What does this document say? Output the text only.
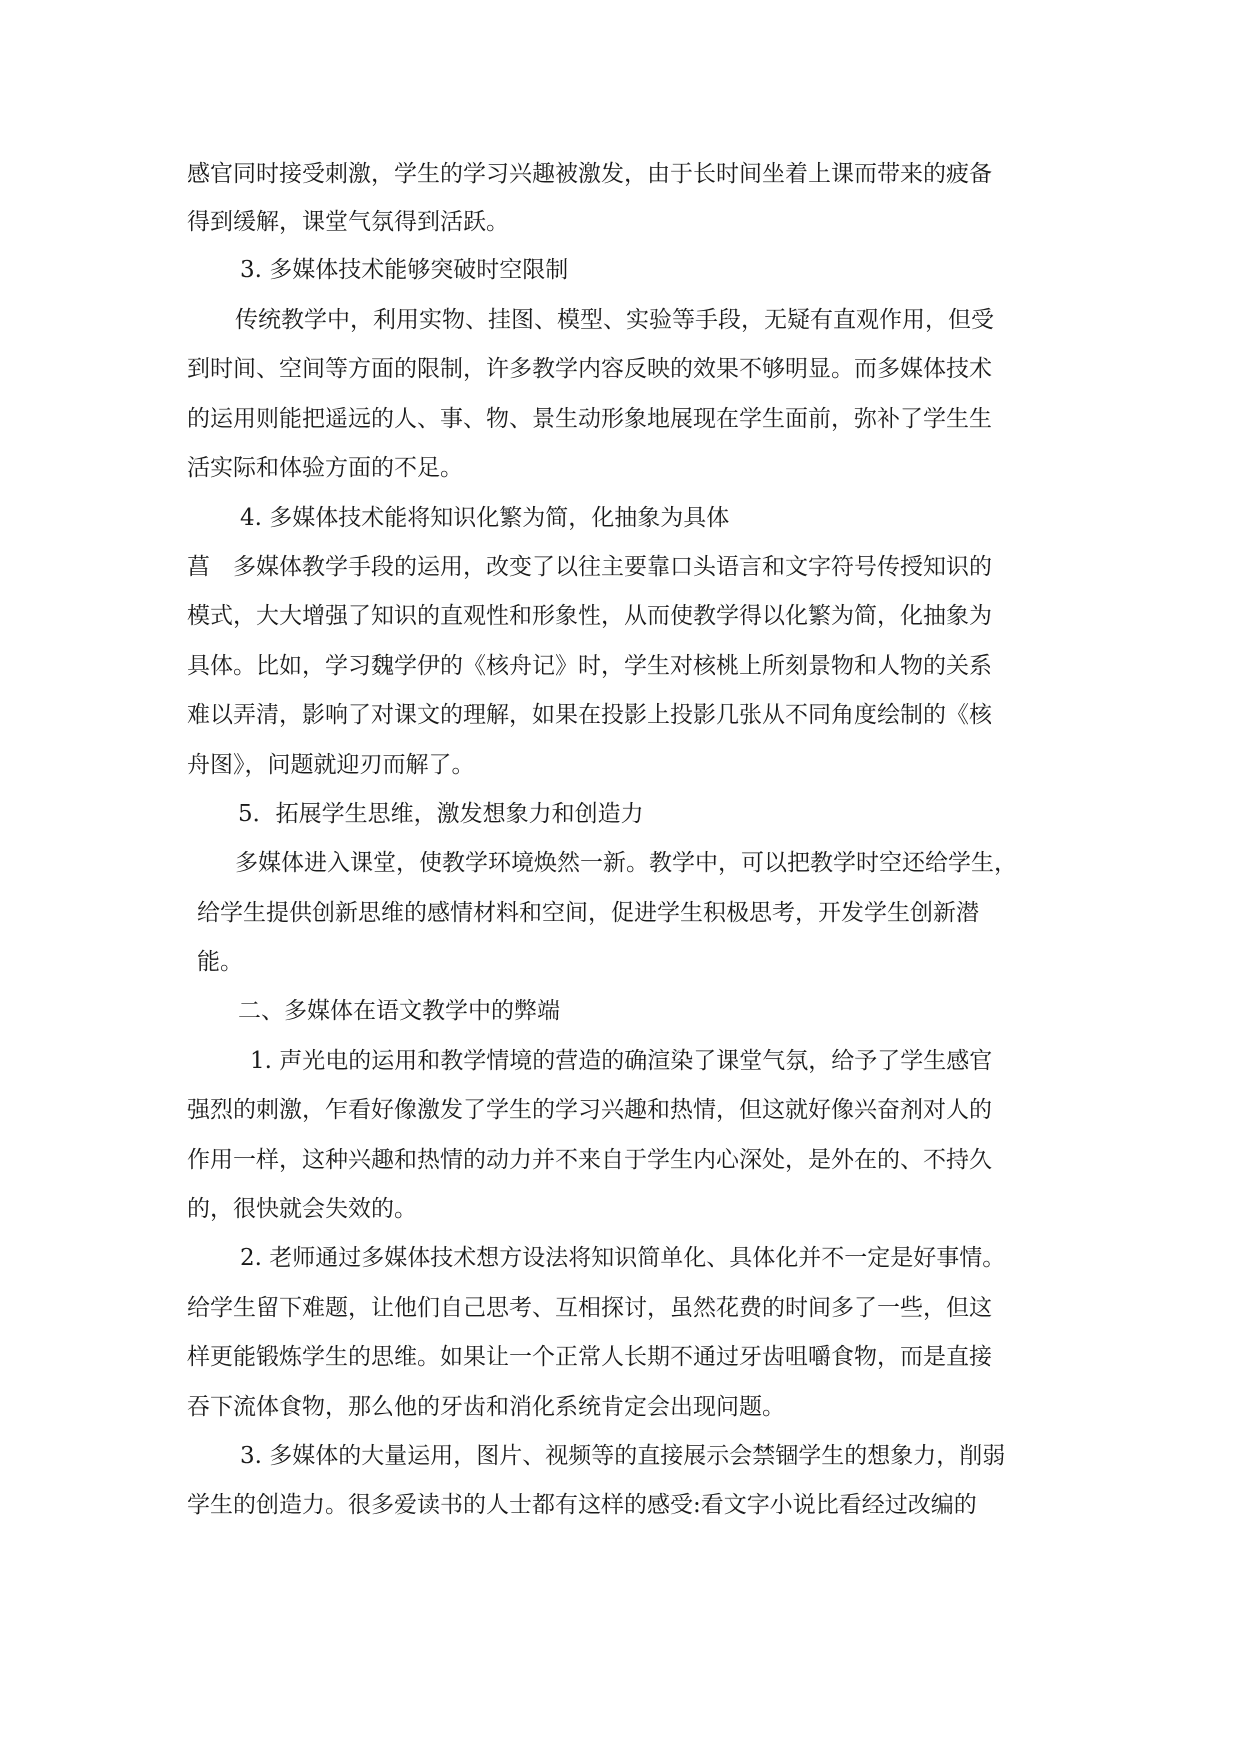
感官同时接受刺激，学生的学习兴趣被激发，由于长时间坐着上课而带来的疲备

得到缓解，课堂气氛得到活跃。

3. 多媒体技术能够突破时空限制

传统教学中，利用实物、挂图、模型、实验等手段，无疑有直观作用，但受

到时间、空间等方面的限制，许多教学内容反映的效果不够明显。而多媒体技术

的运用则能把遥远的人、事、物、景生动形象地展现在学生面前，弥补了学生生

活实际和体验方面的不足。

4. 多媒体技术能将知识化繁为简，化抽象为具体

菖　多媒体教学手段的运用，改变了以往主要靠口头语言和文字符号传授知识的

模式，大大增强了知识的直观性和形象性，从而使教学得以化繁为简，化抽象为

具体。比如，学习魏学伊的《核舟记》时，学生对核桃上所刻景物和人物的关系

难以弄清，影响了对课文的理解，如果在投影上投影几张从不同角度绘制的《核

舟图》，问题就迎刃而解了。

5．拓展学生思维，激发想象力和创造力

多媒体进入课堂，使教学环境焕然一新。教学中，可以把教学时空还给学生，

给学生提供创新思维的感情材料和空间，促进学生积极思考，开发学生创新潜

能。

二、多媒体在语文教学中的弊端

1. 声光电的运用和教学情境的营造的确渲染了课堂气氛，给予了学生感官

强烈的刺激，乍看好像激发了学生的学习兴趣和热情，但这就好像兴奋剂对人的

作用一样，这种兴趣和热情的动力并不来自于学生内心深处，是外在的、不持久

的，很快就会失效的。

2. 老师通过多媒体技术想方设法将知识简单化、具体化并不一定是好事情。

给学生留下难题，让他们自己思考、互相探讨，虽然花费的时间多了一些，但这

样更能锻炼学生的思维。如果让一个正常人长期不通过牙齿咀嚼食物，而是直接

吞下流体食物，那么他的牙齿和消化系统肯定会出现问题。

3. 多媒体的大量运用，图片、视频等的直接展示会禁锢学生的想象力，削弱

学生的创造力。很多爱读书的人士都有这样的感受:看文字小说比看经过改编的
